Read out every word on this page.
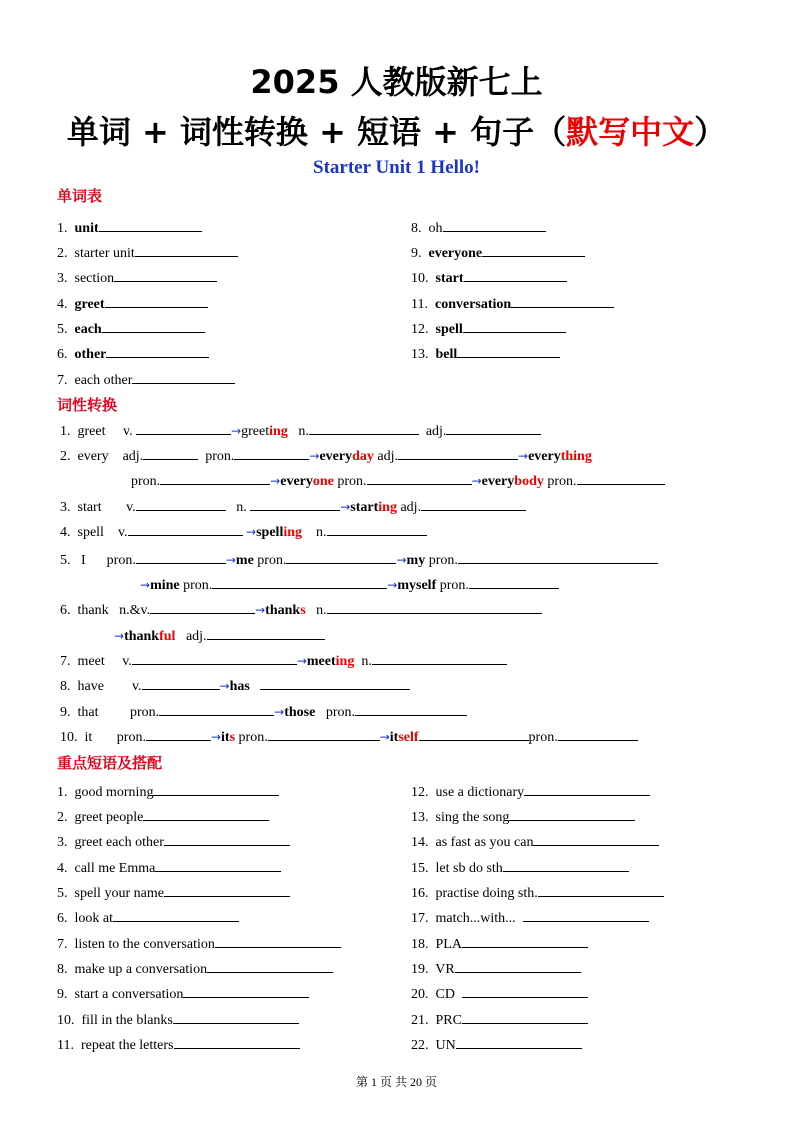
2025 人教版新七上
单词 + 词性转换 + 短语 + 句子（默写中文）
Starter Unit 1 Hello!
单词表
1. unit
2. starter unit
3. section
4. greet
5. each
6. other
7. each other
8. oh
9. everyone
10. start
11. conversation
12. spell
13. bell
词性转换
1. greet v.	→greeting n.	adj.
2. every adj.	pron.	→everyday adj.	→everything
pron.	→everyone pron.	→everybody pron.
3. start v.	n.	→starting adj.
4. spell v.	→spelling n.
5. I pron.	→me pron.	→my pron.
→mine pron.	→myself pron.
6. thank n.&v.	→thanks n.
→thankful adj.
7. meet v.	→meeting n.
8. have v.	→has
9. that pron.	→those pron.
10. it pron.	→its pron.	→itself	pron.
重点短语及搭配
1. good morning
2. greet people
3. greet each other
4. call me Emma
5. spell your name
6. look at
7. listen to the conversation
8. make up a conversation
9. start a conversation
10. fill in the blanks
11. repeat the letters
12. use a dictionary
13. sing the song
14. as fast as you can
15. let sb do sth
16. practise doing sth.
17. match...with...
18. PLA
19. VR
20. CD
21. PRC
22. UN
第 1 页 共 20 页
